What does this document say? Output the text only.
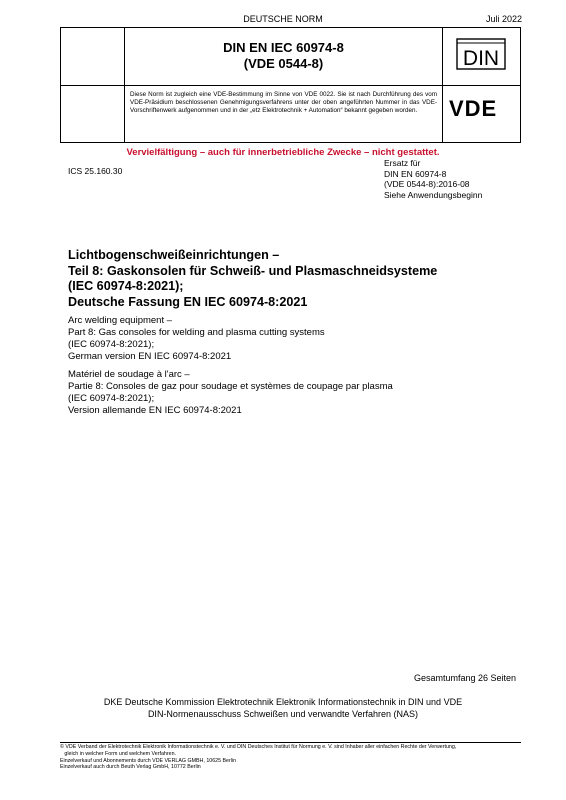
DEUTSCHE NORM	Juli 2022
DIN EN IEC 60974-8
(VDE 0544-8)	DIN
Diese Norm ist zugleich eine VDE-Bestimmung im Sinne von VDE 0022. Sie ist nach Durchführung des vom VDE-Präsidium beschlossenen Genehmigungsverfahrens unter der oben angeführten Nummer in das VDE-Vorschriftenwerk aufgenommen und in der „etz Elektrotechnik + Automation“ bekannt gegeben worden.	VDE
Vervielfältigung – auch für innerbetriebliche Zwecke – nicht gestattet.
ICS 25.160.30
Ersatz für
DIN EN 60974-8
(VDE 0544-8):2016-08
Siehe Anwendungsbeginn
Lichtbogenschweißeinrichtungen –
Teil 8: Gaskonsolen für Schweiß- und Plasmaschneidsysteme
(IEC 60974-8:2021);
Deutsche Fassung EN IEC 60974-8:2021
Arc welding equipment –
Part 8: Gas consoles for welding and plasma cutting systems
(IEC 60974-8:2021);
German version EN IEC 60974-8:2021
Matériel de soudage à l'arc –
Partie 8: Consoles de gaz pour soudage et systèmes de coupage par plasma
(IEC 60974-8:2021);
Version allemande EN IEC 60974-8:2021
Gesamtumfang 26 Seiten
DKE Deutsche Kommission Elektrotechnik Elektronik Informationstechnik in DIN und VDE
DIN-Normenausschuss Schweißen und verwandte Verfahren (NAS)
© VDE Verband der Elektrotechnik Elektronik Informationstechnik e. V. und DIN Deutsches Institut für Normung e. V. sind Inhaber aller einfachen Rechte der Verwertung,
gleich in welcher Form und welchem Verfahren.
Einzelverkauf und Abonnements durch VDE VERLAG GMBH, 10625 Berlin
Einzelverkauf auch durch Beuth Verlag GmbH, 10772 Berlin
